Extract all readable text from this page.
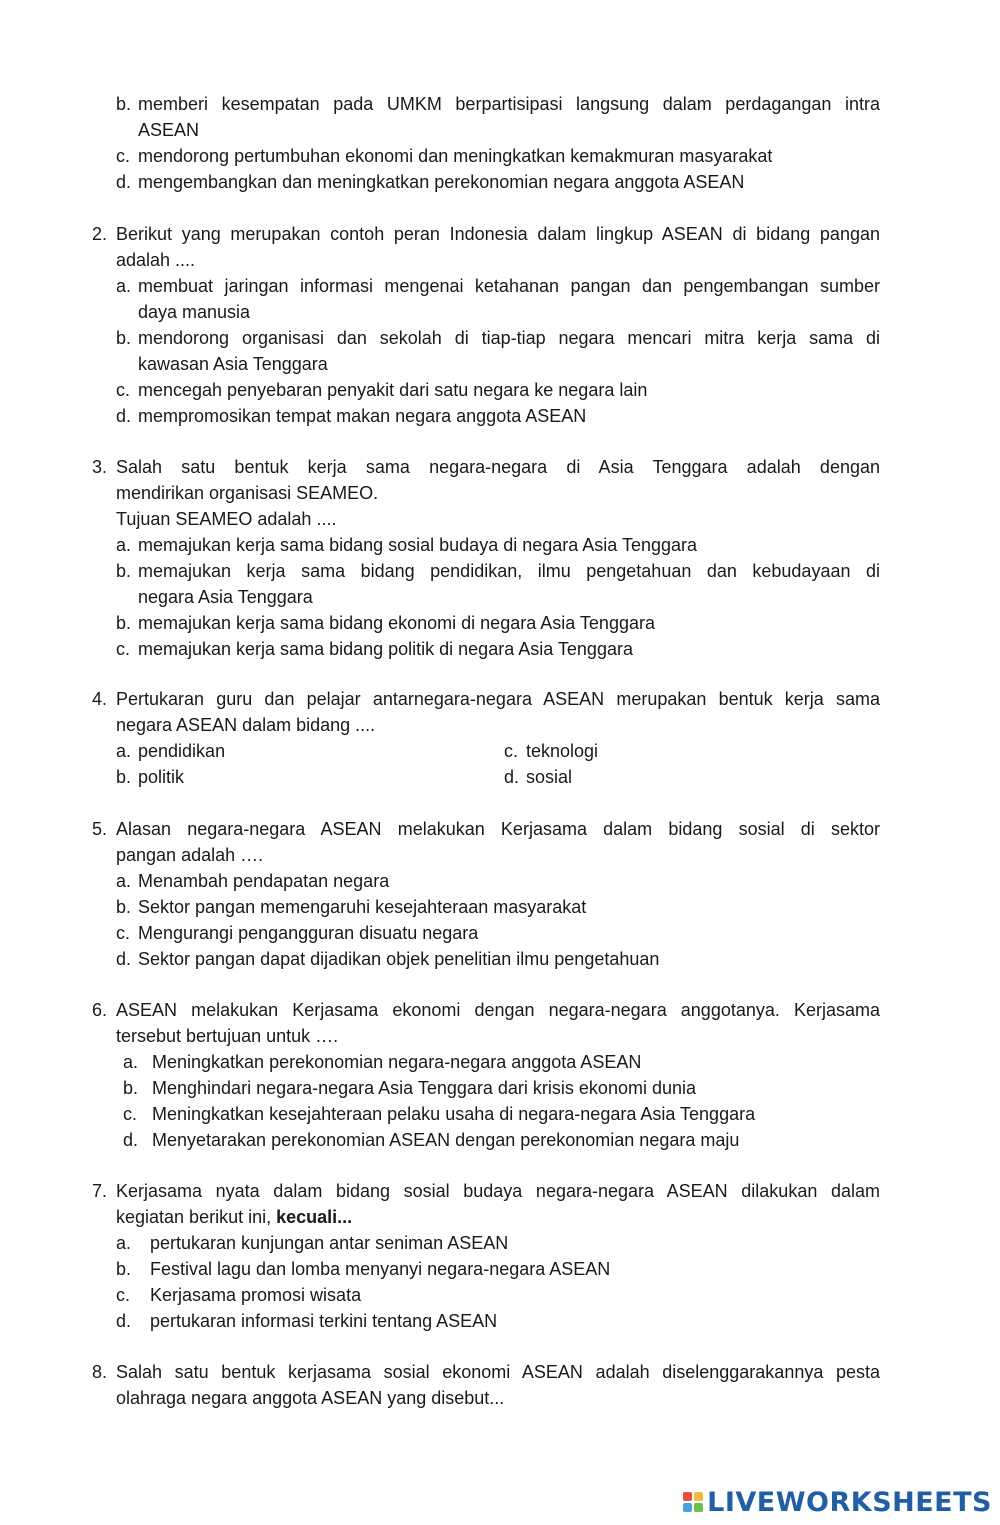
b. memberi kesempatan pada UMKM berpartisipasi langsung dalam perdagangan intra
ASEAN
c. mendorong pertumbuhan ekonomi dan meningkatkan kemakmuran masyarakat
d. mengembangkan dan meningkatkan perekonomian negara anggota ASEAN
2. Berikut yang merupakan contoh peran Indonesia dalam lingkup ASEAN di bidang pangan
adalah ....
a. membuat jaringan informasi mengenai ketahanan pangan dan pengembangan sumber
daya manusia
b. mendorong organisasi dan sekolah di tiap-tiap negara mencari mitra kerja sama di
kawasan Asia Tenggara
c. mencegah penyebaran penyakit dari satu negara ke negara lain
d. mempromosikan tempat makan negara anggota ASEAN
3. Salah satu bentuk kerja sama negara-negara di Asia Tenggara adalah dengan
mendirikan organisasi SEAMEO.
Tujuan SEAMEO adalah ....
a. memajukan kerja sama bidang sosial budaya di negara Asia Tenggara
b. memajukan kerja sama bidang pendidikan, ilmu pengetahuan dan kebudayaan di
negara Asia Tenggara
b. memajukan kerja sama bidang ekonomi di negara Asia Tenggara
c. memajukan kerja sama bidang politik di negara Asia Tenggara
4. Pertukaran guru dan pelajar antarnegara-negara ASEAN merupakan bentuk kerja sama
negara ASEAN dalam bidang ....
a. pendidikan	c. teknologi
b. politik	d. sosial
5. Alasan negara-negara ASEAN melakukan Kerjasama dalam bidang sosial di sektor
pangan adalah ….
a. Menambah pendapatan negara
b. Sektor pangan memengaruhi kesejahteraan masyarakat
c. Mengurangi pengangguran disuatu negara
d. Sektor pangan dapat dijadikan objek penelitian ilmu pengetahuan
6. ASEAN melakukan Kerjasama ekonomi dengan negara-negara anggotanya. Kerjasama
tersebut bertujuan untuk ….
a. Meningkatkan perekonomian negara-negara anggota ASEAN
b. Menghindari negara-negara Asia Tenggara dari krisis ekonomi dunia
c. Meningkatkan kesejahteraan pelaku usaha di negara-negara Asia Tenggara
d. Menyetarakan perekonomian ASEAN dengan perekonomian negara maju
7. Kerjasama nyata dalam bidang sosial budaya negara-negara ASEAN dilakukan dalam
kegiatan berikut ini, kecuali...
a. pertukaran kunjungan antar seniman ASEAN
b. Festival lagu dan lomba menyanyi negara-negara ASEAN
c. Kerjasama promosi wisata
d. pertukaran informasi terkini tentang ASEAN
8. Salah satu bentuk kerjasama sosial ekonomi ASEAN adalah diselenggarakannya pesta
olahraga negara anggota ASEAN yang disebut...
LIVEWORKSHEETS
